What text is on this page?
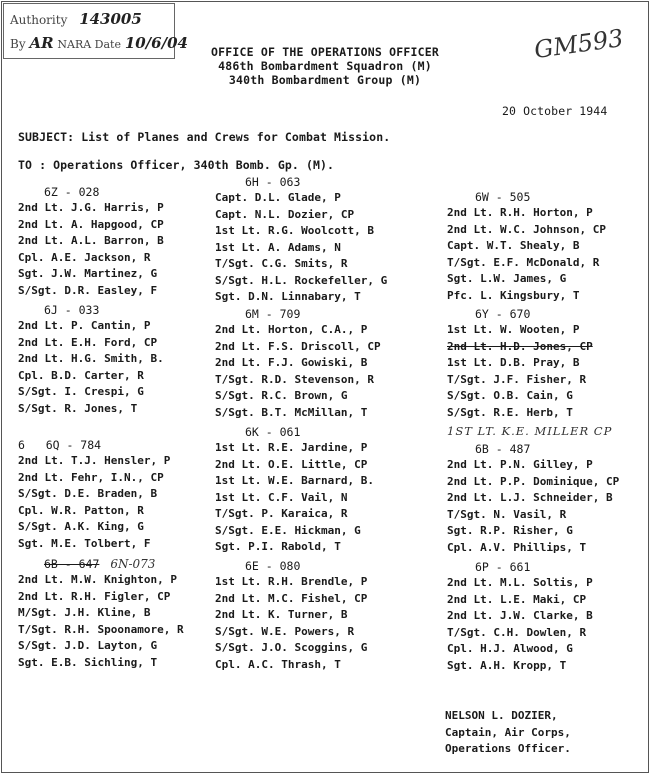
Authority 143005
By AR NARA Date 10/6/04	GM593
OFFICE OF THE OPERATIONS OFFICER
486th Bombardment Squadron (M)
340th Bombardment Group (M)
20 October 1944
SUBJECT: List of Planes and Crews for Combat Mission.
TO : Operations Officer, 340th Bomb. Gp. (M).
6Z - 028
2nd Lt. J.G. Harris, P
2nd Lt. A. Hapgood, CP
2nd Lt. A.L. Barron, B
Cpl. A.E. Jackson, R
Sgt. J.W. Martinez, G
S/Sgt. D.R. Easley, F
6H - 063
Capt. D.L. Glade, P
Capt. N.L. Dozier, CP
1st Lt. R.G. Woolcott, B
1st Lt. A. Adams, N
T/Sgt. C.G. Smits, R
S/Sgt. H.L. Rockefeller, G
Sgt. D.N. Linnabary, T
6W - 505
2nd Lt. R.H. Horton, P
2nd Lt. W.C. Johnson, CP
Capt. W.T. Shealy, B
T/Sgt. E.F. McDonald, R
Sgt. L.W. James, G
Pfc. L. Kingsbury, T
6J - 033
2nd Lt. P. Cantin, P
2nd Lt. E.H. Ford, CP
2nd Lt. H.G. Smith, B.
Cpl. B.D. Carter, R
S/Sgt. I. Crespi, G
S/Sgt. R. Jones, T
6M - 709
2nd Lt. Horton, C.A., P
2nd Lt. F.S. Driscoll, CP
2nd Lt. F.J. Gowiski, B
T/Sgt. R.D. Stevenson, R
S/Sgt. R.C. Brown, G
S/Sgt. B.T. McMillan, T
6Y - 670
1st Lt. W. Wooten, P
2nd Lt. H.D. Jones, CP
1st Lt. D.B. Pray, B
T/Sgt. J.F. Fisher, R
S/Sgt. O.B. Cain, G
S/Sgt. R.E. Herb, T
1ST LT. K.E. MILLER CP
6   6Q - 784
2nd Lt. T.J. Hensler, P
2nd Lt. Fehr, I.N., CP
S/Sgt. D.E. Braden, B
Cpl. W.R. Patton, R
S/Sgt. A.K. King, G
Sgt. M.E. Tolbert, F
6K - 061
1st Lt. R.E. Jardine, P
2nd Lt. O.E. Little, CP
1st Lt. W.E. Barnard, B.
1st Lt. C.F. Vail, N
T/Sgt. P. Karaica, R
S/Sgt. E.E. Hickman, G
Sgt. P.I. Rabold, T
6B - 487
2nd Lt. P.N. Gilley, P
2nd Lt. P.P. Dominique, CP
2nd Lt. L.J. Schneider, B
T/Sgt. N. Vasil, R
Sgt. R.P. Risher, G
Cpl. A.V. Phillips, T
6B - 647 6N-073
2nd Lt. M.W. Knighton, P
2nd Lt. R.H. Figler, CP
M/Sgt. J.H. Kline, B
T/Sgt. R.H. Spoonamore, R
S/Sgt. J.D. Layton, G
Sgt. E.B. Sichling, T
6E - 080
1st Lt. R.H. Brendle, P
2nd Lt. M.C. Fishel, CP
2nd Lt. K. Turner, B
S/Sgt. W.E. Powers, R
S/Sgt. J.O. Scoggins, G
Cpl. A.C. Thrash, T
6P - 661
2nd Lt. M.L. Soltis, P
2nd Lt. L.E. Maki, CP
2nd Lt. J.W. Clarke, B
T/Sgt. C.H. Dowlen, R
Cpl. H.J. Alwood, G
Sgt. A.H. Kropp, T
NELSON L. DOZIER,
Captain, Air Corps,
Operations Officer.
